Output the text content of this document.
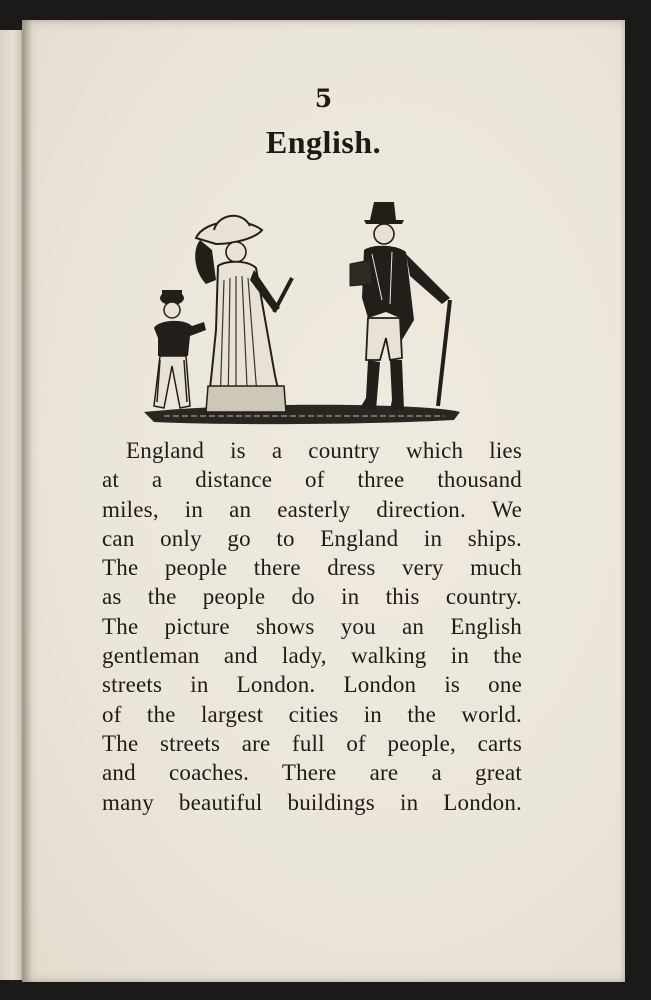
5
English.
England is a country which lies
at a distance of three thousand
miles, in an easterly direction. We
can only go to England in ships.
The people there dress very much
as the people do in this country.
The picture shows you an English
gentleman and lady, walking in the
streets in London. London is one
of the largest cities in the world.
The streets are full of people, carts
and coaches. There are a great
many beautiful buildings in London.
